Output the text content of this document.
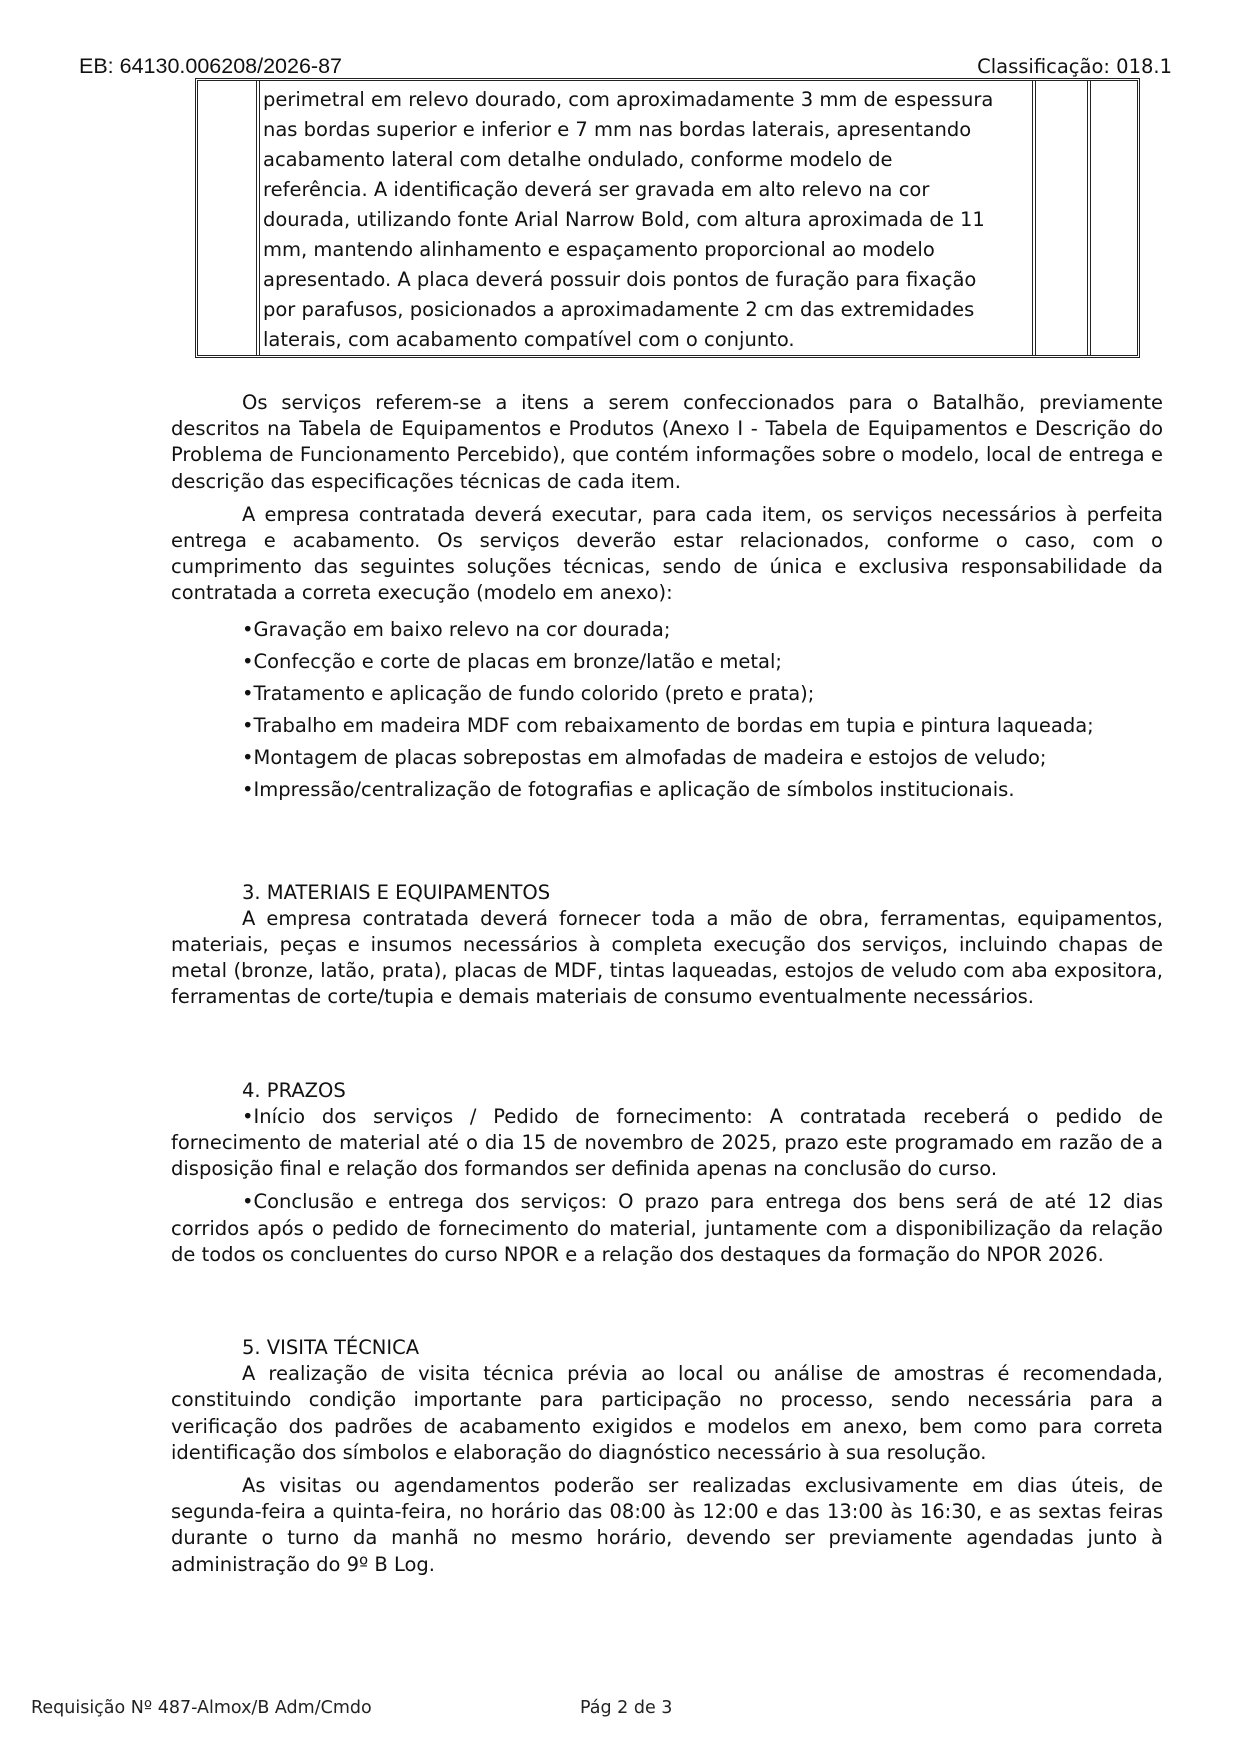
EB: 64130.006208/2026-87	Classificação: 018.1
perimetral em relevo dourado, com aproximadamente 3 mm de espessura
nas bordas superior e inferior e 7 mm nas bordas laterais, apresentando
acabamento lateral com detalhe ondulado, conforme modelo de
referência. A identificação deverá ser gravada em alto relevo na cor
dourada, utilizando fonte Arial Narrow Bold, com altura aproximada de 11
mm, mantendo alinhamento e espaçamento proporcional ao modelo
apresentado. A placa deverá possuir dois pontos de furação para fixação
por parafusos, posicionados a aproximadamente 2 cm das extremidades
laterais, com acabamento compatível com o conjunto.

Os serviços referem-se a itens a serem confeccionados para o Batalhão, previamente descritos na Tabela de Equipamentos e Produtos (Anexo I - Tabela de Equipamentos e Descrição do Problema de Funcionamento Percebido), que contém informações sobre o modelo, local de entrega e descrição das especificações técnicas de cada item.

A empresa contratada deverá executar, para cada item, os serviços necessários à perfeita entrega e acabamento. Os serviços deverão estar relacionados, conforme o caso, com o cumprimento das seguintes soluções técnicas, sendo de única e exclusiva responsabilidade da contratada a correta execução (modelo em anexo):

•Gravação em baixo relevo na cor dourada;
•Confecção e corte de placas em bronze/latão e metal;
•Tratamento e aplicação de fundo colorido (preto e prata);
•Trabalho em madeira MDF com rebaixamento de bordas em tupia e pintura laqueada;
•Montagem de placas sobrepostas em almofadas de madeira e estojos de veludo;
•Impressão/centralização de fotografias e aplicação de símbolos institucionais.
3. MATERIAIS E EQUIPAMENTOS

A empresa contratada deverá fornecer toda a mão de obra, ferramentas, equipamentos, materiais, peças e insumos necessários à completa execução dos serviços, incluindo chapas de metal (bronze, latão, prata), placas de MDF, tintas laqueadas, estojos de veludo com aba expositora, ferramentas de corte/tupia e demais materiais de consumo eventualmente necessários.

4. PRAZOS

•Início dos serviços / Pedido de fornecimento: A contratada receberá o pedido de fornecimento de material até o dia 15 de novembro de 2025, prazo este programado em razão de a disposição final e relação dos formandos ser definida apenas na conclusão do curso.

•Conclusão e entrega dos serviços: O prazo para entrega dos bens será de até 12 dias corridos após o pedido de fornecimento do material, juntamente com a disponibilização da relação de todos os concluentes do curso NPOR e a relação dos destaques da formação do NPOR 2026.

5. VISITA TÉCNICA

A realização de visita técnica prévia ao local ou análise de amostras é recomendada, constituindo condição importante para participação no processo, sendo necessária para a verificação dos padrões de acabamento exigidos e modelos em anexo, bem como para correta identificação dos símbolos e elaboração do diagnóstico necessário à sua resolução.

As visitas ou agendamentos poderão ser realizadas exclusivamente em dias úteis, de segunda-feira a quinta-feira, no horário das 08:00 às 12:00 e das 13:00 às 16:30, e as sextas feiras durante o turno da manhã no mesmo horário, devendo ser previamente agendadas junto à administração do 9º B Log.

Requisição Nº 487-Almox/B Adm/Cmdo	Pág 2 de 3
